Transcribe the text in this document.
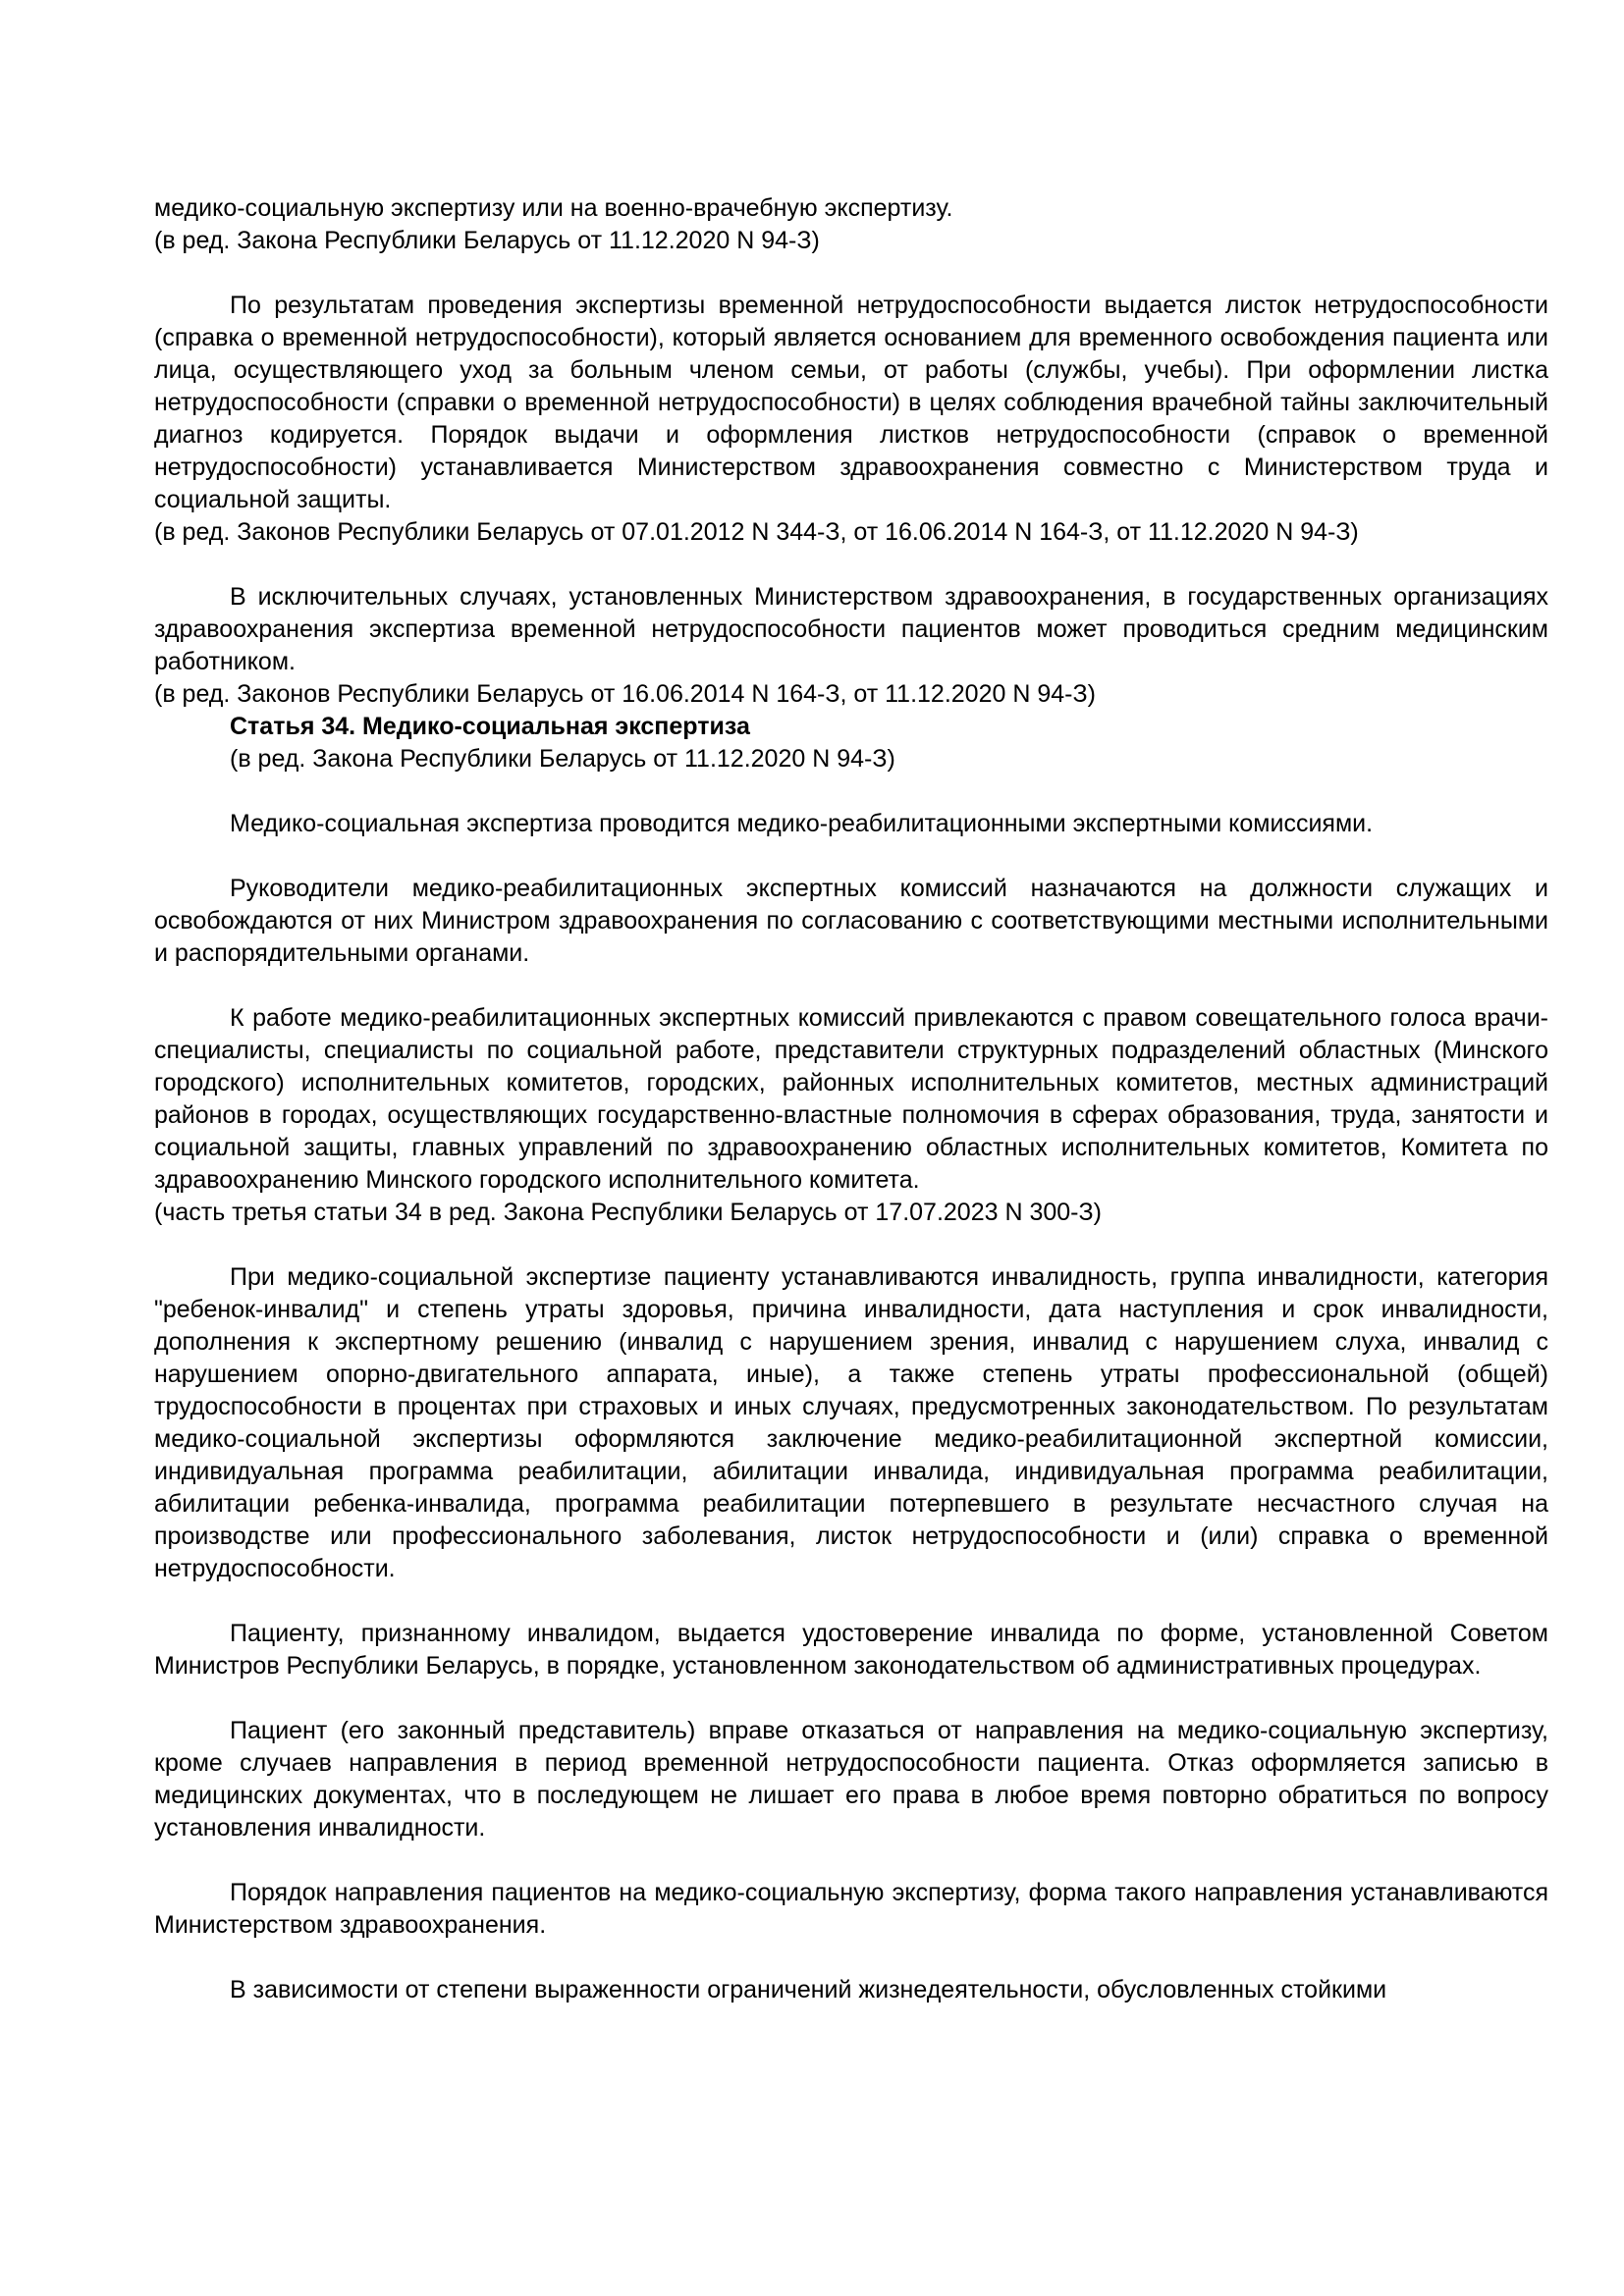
медико-социальную экспертизу или на военно-врачебную экспертизу.

(в ред. Закона Республики Беларусь от 11.12.2020 N 94-З)

По результатам проведения экспертизы временной нетрудоспособности выдается листок нетрудоспособности (справка о временной нетрудоспособности), который является основанием для временного освобождения пациента или лица, осуществляющего уход за больным членом семьи, от работы (службы, учебы). При оформлении листка нетрудоспособности (справки о временной нетрудоспособности) в целях соблюдения врачебной тайны заключительный диагноз кодируется. Порядок выдачи и оформления листков нетрудоспособности (справок о временной нетрудоспособности) устанавливается Министерством здравоохранения совместно с Министерством труда и социальной защиты.

(в ред. Законов Республики Беларусь от 07.01.2012 N 344-З, от 16.06.2014 N 164-З, от 11.12.2020 N 94-З)

В исключительных случаях, установленных Министерством здравоохранения, в государственных организациях здравоохранения экспертиза временной нетрудоспособности пациентов может проводиться средним медицинским работником.

(в ред. Законов Республики Беларусь от 16.06.2014 N 164-З, от 11.12.2020 N 94-З)

Статья 34. Медико-социальная экспертиза

(в ред. Закона Республики Беларусь от 11.12.2020 N 94-З)

Медико-социальная экспертиза проводится медико-реабилитационными экспертными комиссиями.

Руководители медико-реабилитационных экспертных комиссий назначаются на должности служащих и освобождаются от них Министром здравоохранения по согласованию с соответствующими местными исполнительными и распорядительными органами.

К работе медико-реабилитационных экспертных комиссий привлекаются с правом совещательного голоса врачи-специалисты, специалисты по социальной работе, представители структурных подразделений областных (Минского городского) исполнительных комитетов, городских, районных исполнительных комитетов, местных администраций районов в городах, осуществляющих государственно-властные полномочия в сферах образования, труда, занятости и социальной защиты, главных управлений по здравоохранению областных исполнительных комитетов, Комитета по здравоохранению Минского городского исполнительного комитета.

(часть третья статьи 34 в ред. Закона Республики Беларусь от 17.07.2023 N 300-З)

При медико-социальной экспертизе пациенту устанавливаются инвалидность, группа инвалидности, категория "ребенок-инвалид" и степень утраты здоровья, причина инвалидности, дата наступления и срок инвалидности, дополнения к экспертному решению (инвалид с нарушением зрения, инвалид с нарушением слуха, инвалид с нарушением опорно-двигательного аппарата, иные), а также степень утраты профессиональной (общей) трудоспособности в процентах при страховых и иных случаях, предусмотренных законодательством. По результатам медико-социальной экспертизы оформляются заключение медико-реабилитационной экспертной комиссии, индивидуальная программа реабилитации, абилитации инвалида, индивидуальная программа реабилитации, абилитации ребенка-инвалида, программа реабилитации потерпевшего в результате несчастного случая на производстве или профессионального заболевания, листок нетрудоспособности и (или) справка о временной нетрудоспособности.

Пациенту, признанному инвалидом, выдается удостоверение инвалида по форме, установленной Советом Министров Республики Беларусь, в порядке, установленном законодательством об административных процедурах.

Пациент (его законный представитель) вправе отказаться от направления на медико-социальную экспертизу, кроме случаев направления в период временной нетрудоспособности пациента. Отказ оформляется записью в медицинских документах, что в последующем не лишает его права в любое время повторно обратиться по вопросу установления инвалидности.

Порядок направления пациентов на медико-социальную экспертизу, форма такого направления устанавливаются Министерством здравоохранения.

В зависимости от степени выраженности ограничений жизнедеятельности, обусловленных стойкими
